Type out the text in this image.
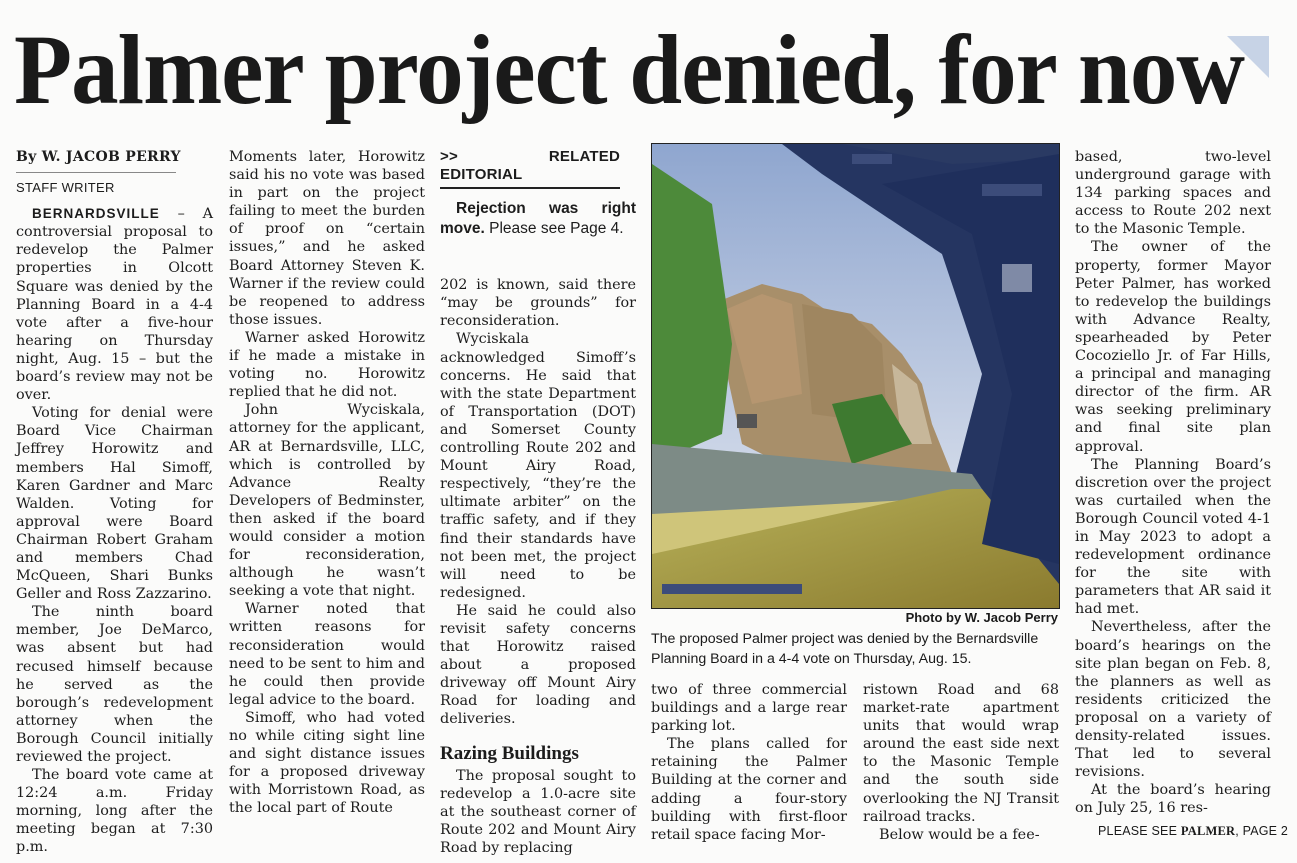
Palmer project denied, for now
By W. JACOB PERRY
STAFF WRITER

BERNARDSVILLE – A controversial proposal to redevelop the Palmer properties in Olcott Square was denied by the Planning Board in a 4-4 vote after a five-hour hearing on Thursday night, Aug. 15 – but the board’s review may not be over.

Voting for denial were Board Vice Chairman Jeffrey Horowitz and members Hal Simoff, Karen Gardner and Marc Walden. Voting for approval were Board Chairman Robert Graham and members Chad McQueen, Shari Bunks Geller and Ross Zazzarino.

The ninth board member, Joe DeMarco, was absent but had recused himself because he served as the borough’s redevelopment attorney when the Borough Council initially reviewed the project.

The board vote came at 12:24 a.m. Friday morning, long after the meeting began at 7:30 p.m.

Moments later, Horowitz said his no vote was based in part on the project failing to meet the burden of proof on “certain issues,” and he asked Board Attorney Steven K. Warner if the review could be reopened to address those issues.

Warner asked Horowitz if he made a mistake in voting no. Horowitz replied that he did not.

John Wyciskala, attorney for the applicant, AR at Bernardsville, LLC, which is controlled by Advance Realty Developers of Bedminster, then asked if the board would consider a motion for reconsideration, although he wasn’t seeking a vote that night.

Warner noted that written reasons for reconsideration would need to be sent to him and he could then provide legal advice to the board.

Simoff, who had voted no while citing sight line and sight distance issues for a proposed driveway with Morristown Road, as the local part of Route

>>	RELATED EDITORIAL
Rejection was right move. Please see Page 4.

202 is known, said there “may be grounds” for reconsideration.

Wyciskala acknowledged Simoff’s concerns. He said that with the state Department of Transportation (DOT) and Somerset County controlling Route 202 and Mount Airy Road, respectively, “they’re the ultimate arbiter” on the traffic safety, and if they find their standards have not been met, the project will need to be redesigned.

He said he could also revisit safety concerns that Horowitz raised about a proposed driveway off Mount Airy Road for loading and deliveries.

Razing Buildings

The proposal sought to redevelop a 1.0-acre site at the southeast corner of Route 202 and Mount Airy Road by replacing

Photo by W. Jacob Perry
The proposed Palmer project was denied by the Bernardsville Planning Board in a 4-4 vote on Thursday, Aug. 15.

two of three commercial buildings and a large rear parking lot.

The plans called for retaining the Palmer Building at the corner and adding a four-story building with first-floor retail space facing Mor-

ristown Road and 68 market-rate apartment units that would wrap around the east side next to the Masonic Temple and the south side overlooking the NJ Transit railroad tracks.

Below would be a fee-

based, two-level underground garage with 134 parking spaces and access to Route 202 next to the Masonic Temple.

The owner of the property, former Mayor Peter Palmer, has worked to redevelop the buildings with Advance Realty, spearheaded by Peter Cocoziello Jr. of Far Hills, a principal and managing director of the firm. AR was seeking preliminary and final site plan approval.

The Planning Board’s discretion over the project was curtailed when the Borough Council voted 4-1 in May 2023 to adopt a redevelopment ordinance for the site with parameters that AR said it had met.

Nevertheless, after the board’s hearings on the site plan began on Feb. 8, the planners as well as residents criticized the proposal on a variety of density-related issues. That led to several revisions.

At the board’s hearing on July 25, 16 res-

PLEASE SEE PALMER, PAGE 2
